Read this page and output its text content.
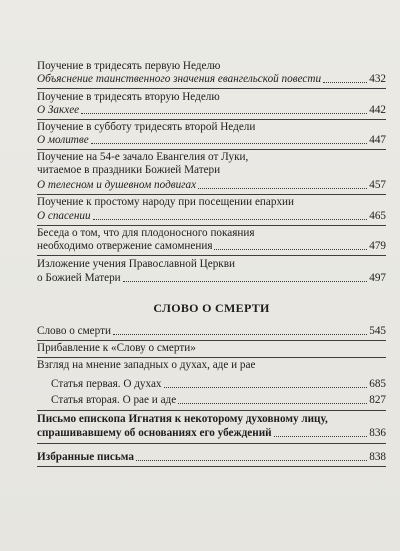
Поучение в тридесять первую Неделю
Объяснение таинственного значения евангельской повести	432
Поучение в тридесять вторую Неделю
О Закхее	442
Поучение в субботу тридесять второй Недели
О молитве	447
Поучение на 54-е зачало Евангелия от Луки,
читаемое в праздники Божией Матери
О телесном и душевном подвигах	457
Поучение к простому народу при посещении епархии
О спасении	465
Беседа о том, что для плодоносного покаяния
необходимо отвержение самомнения	479
Изложение учения Православной Церкви
о Божией Матери	497
СЛОВО О СМЕРТИ
Слово о смерти	545
Прибавление к «Слову о смерти»
Взгляд на мнение западных о духах, аде и рае
Статья первая. О духах	685
Статья вторая. О рае и аде	827
Письмо епископа Игнатия к некоторому духовному лицу,
спрашивавшему об основаниях его убеждений	836
Избранные письма	838
